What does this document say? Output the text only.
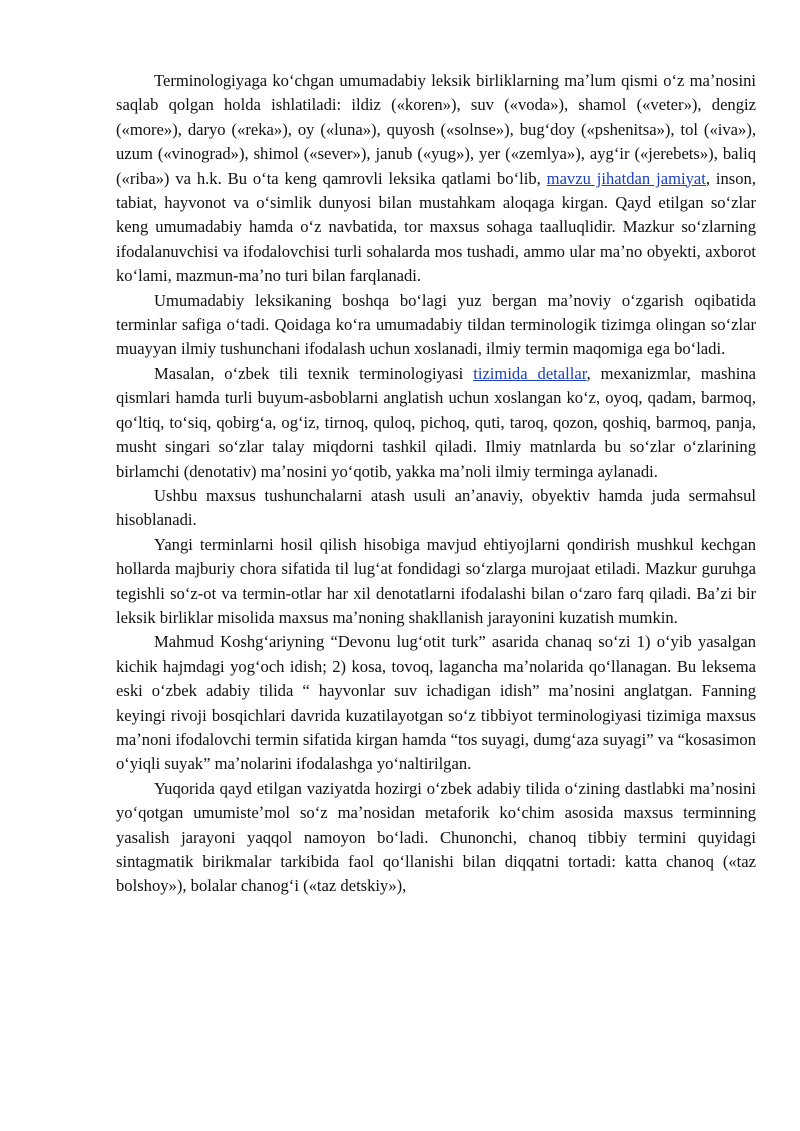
Terminologiyaga koʻchgan umumadabiy leksik birliklarning maʼlum qismi oʻz maʼnosini saqlab qolgan holda ishlatiladi: ildiz («koren»), suv («voda»), shamol («veter»), dengiz («more»), daryo («reka»), oy («luna»), quyosh («solnse»), bugʻdoy («pshenitsa»), tol («iva»), uzum («vinograd»), shimol («sever»), janub («yug»), yer («zemlya»), aygʻir («jerebets»), baliq («riba») va h.k. Bu oʻta keng qamrovli leksika qatlami boʻlib, mavzu jihatdan jamiyat, inson, tabiat, hayvonot va oʻsimlik dunyosi bilan mustahkam aloqaga kirgan. Qayd etilgan soʻzlar keng umumadabiy hamda oʻz navbatida, tor maxsus sohaga taalluqlidir. Mazkur soʻzlarning ifodalanuvchisi va ifodalovchisi turli sohalarda mos tushadi, ammo ular maʼno obyekti, axborot koʻlami, mazmun-maʼno turi bilan farqlanadi.

Umumadabiy leksikaning boshqa boʻlagi yuz bergan maʼnoviy oʻzgarish oqibatida terminlar safiga oʻtadi. Qoidaga koʻra umumadabiy tildan terminologik tizimga olingan soʻzlar muayyan ilmiy tushunchani ifodalash uchun xoslanadi, ilmiy termin maqomiga ega boʻladi.

Masalan, oʻzbek tili texnik terminologiyasi tizimida detallar, mexanizmlar, mashina qismlari hamda turli buyum-asboblarni anglatish uchun xoslangan koʻz, oyoq, qadam, barmoq, qoʻltiq, toʻsiq, qobirgʻa, ogʻiz, tirnoq, quloq, pichoq, quti, taroq, qozon, qoshiq, barmoq, panja, musht singari soʻzlar talay miqdorni tashkil qiladi. Ilmiy matnlarda bu soʻzlar oʻzlarining birlamchi (denotativ) maʼnosini yoʻqotib, yakka maʼnoli ilmiy terminga aylanadi.

Ushbu maxsus tushunchalarni atash usuli anʼanaviy, obyektiv hamda juda sermahsul hisoblanadi.

Yangi terminlarni hosil qilish hisobiga mavjud ehtiyojlarni qondirish mushkul kechgan hollarda majburiy chora sifatida til lugʻat fondidagi soʻzlarga murojaat etiladi. Mazkur guruhga tegishli soʻz-ot va termin-otlar har xil denotatlarni ifodalashi bilan oʻzaro farq qiladi. Baʼzi bir leksik birliklar misolida maxsus maʼnoning shakllanish jarayonini kuzatish mumkin.

Mahmud Koshgʻariyning “Devonu lugʻotit turk” asarida chanaq soʻzi 1) oʻyib yasalgan kichik hajmdagi yogʻoch idish; 2) kosa, tovoq, lagancha maʼnolarida qoʻllanagan. Bu leksema eski oʻzbek adabiy tilida “ hayvonlar suv ichadigan idish” maʼnosini anglatgan. Fanning keyingi rivoji bosqichlari davrida kuzatilayotgan soʻz tibbiyot terminologiyasi tizimiga maxsus maʼnoni ifodalovchi termin sifatida kirgan hamda “tos suyagi, dumgʻaza suyagi” va “kosasimon oʻyiqli suyak” maʼnolarini ifodalashga yoʻnaltirilgan.

Yuqorida qayd etilgan vaziyatda hozirgi oʻzbek adabiy tilida oʻzining dastlabki maʼnosini yoʻqotgan umumisteʼmol soʻz maʼnosidan metaforik koʻchim asosida maxsus terminning yasalish jarayoni yaqqol namoyon boʻladi. Chunonchi, chanoq tibbiy termini quyidagi sintagmatik birikmalar tarkibida faol qoʻllanishi bilan diqqatni tortadi: katta chanoq («taz bolshoy»), bolalar chanogʻi («taz detskiy»),
